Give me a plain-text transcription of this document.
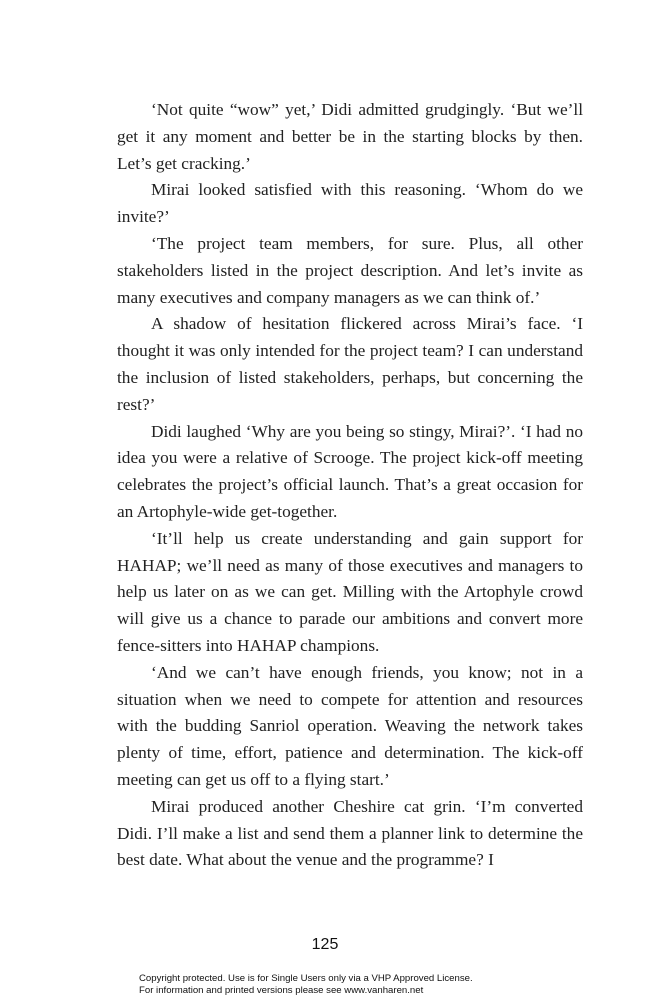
‘Not quite “wow” yet,’ Didi admitted grudgingly. ‘But we’ll get it any moment and better be in the starting blocks by then. Let’s get cracking.’

Mirai looked satisfied with this reasoning. ‘Whom do we invite?’

‘The project team members, for sure. Plus, all other stakeholders listed in the project description. And let’s invite as many executives and company managers as we can think of.’

A shadow of hesitation flickered across Mirai’s face. ‘I thought it was only intended for the project team? I can understand the inclusion of listed stakeholders, perhaps, but concerning the rest?’

Didi laughed ‘Why are you being so stingy, Mirai?’. ‘I had no idea you were a relative of Scrooge. The project kick-off meeting celebrates the project’s official launch. That’s a great occasion for an Artophyle-wide get-together.

‘It’ll help us create understanding and gain support for HAHAP; we’ll need as many of those executives and managers to help us later on as we can get. Milling with the Artophyle crowd will give us a chance to parade our ambitions and convert more fence-sitters into HAHAP champions.

‘And we can’t have enough friends, you know; not in a situation when we need to compete for attention and resources with the budding Sanriol operation. Weaving the network takes plenty of time, effort, patience and determination. The kick-off meeting can get us off to a flying start.’

Mirai produced another Cheshire cat grin. ‘I’m converted Didi. I’ll make a list and send them a planner link to determine the best date. What about the venue and the programme? I

125
Copyright protected. Use is for Single Users only via a VHP Approved License.
For information and printed versions please see www.vanharen.net
